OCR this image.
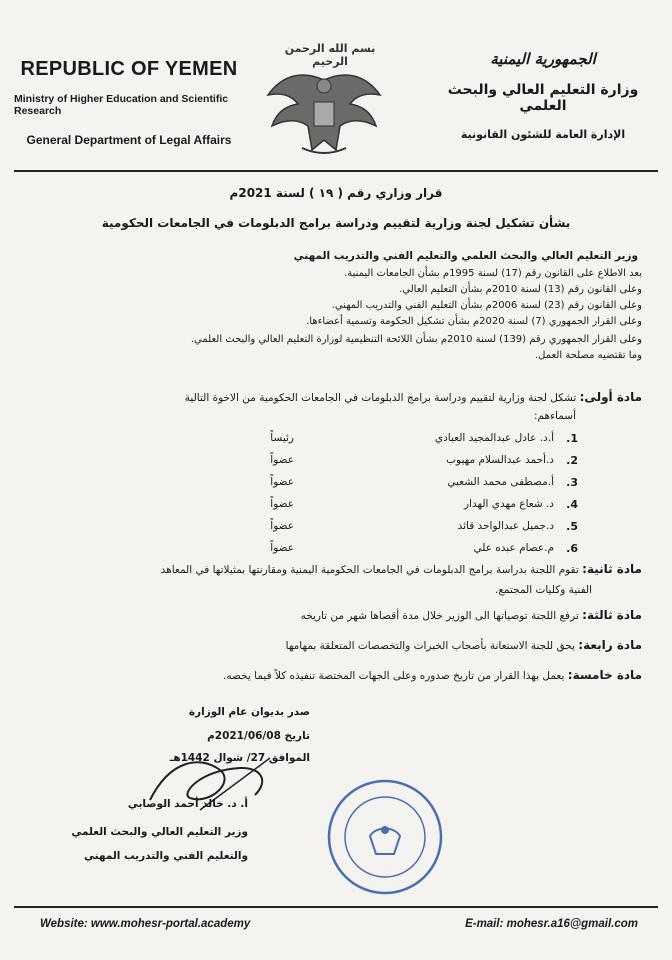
REPUBLIC OF YEMEN
Ministry of Higher Education and Scientific Research
General Department of Legal Affairs
بسم الله الرحمن الرحيم	الجمهورية اليمنية
وزارة التعليم العالي والبحث العلمي
الإدارة العامة للشئون القانونية
قرار وزاري رقم ( ١٩ ) لسنة 2021م
بشأن تشكيل لجنة وزارية لتقييم ودراسة برامج الدبلومات في الجامعات الحكومية
وزير التعليم العالي والبحث العلمي والتعليم الفني والتدريب المهني
بعد الاطلاع على القانون رقم (17) لسنة 1995م بشأن الجامعات اليمنية.
وعلى القانون رقم (13) لسنة 2010م بشأن التعليم العالي.
وعلى القانون رقم (23) لسنة 2006م بشأن التعليم الفني والتدريب المهني.
وعلى القرار الجمهوري (7) لسنة 2020م بشأن تشكيل الحكومة وتسمية أعضاءها.
وعلى القرار الجمهوري رقم (139) لسنة 2010م بشأن اللائحة التنظيمية لوزارة التعليم العالي والبحث العلمي.
وما تقتضيه مصلحة العمل.
مادة أولى: تشكل لجنة وزارية لتقييم ودراسة برامج الدبلومات في الجامعات الحكومية من الاخوة التالية
أسماءهم:
.1
أ.د. عادل عبدالمجيد العبادي
رئيساً
.2
د.أحمد عبدالسلام مهيوب
عضواً
.3
أ.مصطفى محمد الشعبي
عضواً
.4
د. شعاع مهدي الهدار
عضواً
.5
د.جميل عبدالواحد قائد
عضواً
.6
م.عصام عبده علي
عضواً
مادة ثانية: تقوم اللجنة بدراسة برامج الدبلومات في الجامعات الحكومية اليمنية ومقارنتها بمثيلاتها في المعاهد
الفنية وكليات المجتمع.
مادة ثالثة: ترفع اللجنة توصياتها الى الوزير خلال مدة أقصاها شهر من تاريخه
مادة رابعة: يحق للجنة الاستعانة بأصحاب الخبرات والتخصصات المتعلقة بمهامها
مادة خامسة: يعمل بهذا القرار من تاريخ صدوره وعلى الجهات المختصة تنفيذه كلاً فيما يخصه.
صدر بديوان عام الوزارة
تاريخ 2021/06/08م
الموافق 27/ شوال 1442هـ
أ. د. خالد أحمد الوصابي
وزير التعليم العالي والبحث العلمي
والتعليم الفني والتدريب المهني
Website: www.mohesr-portal.academy	E-mail: mohesr.a16@gmail.com
